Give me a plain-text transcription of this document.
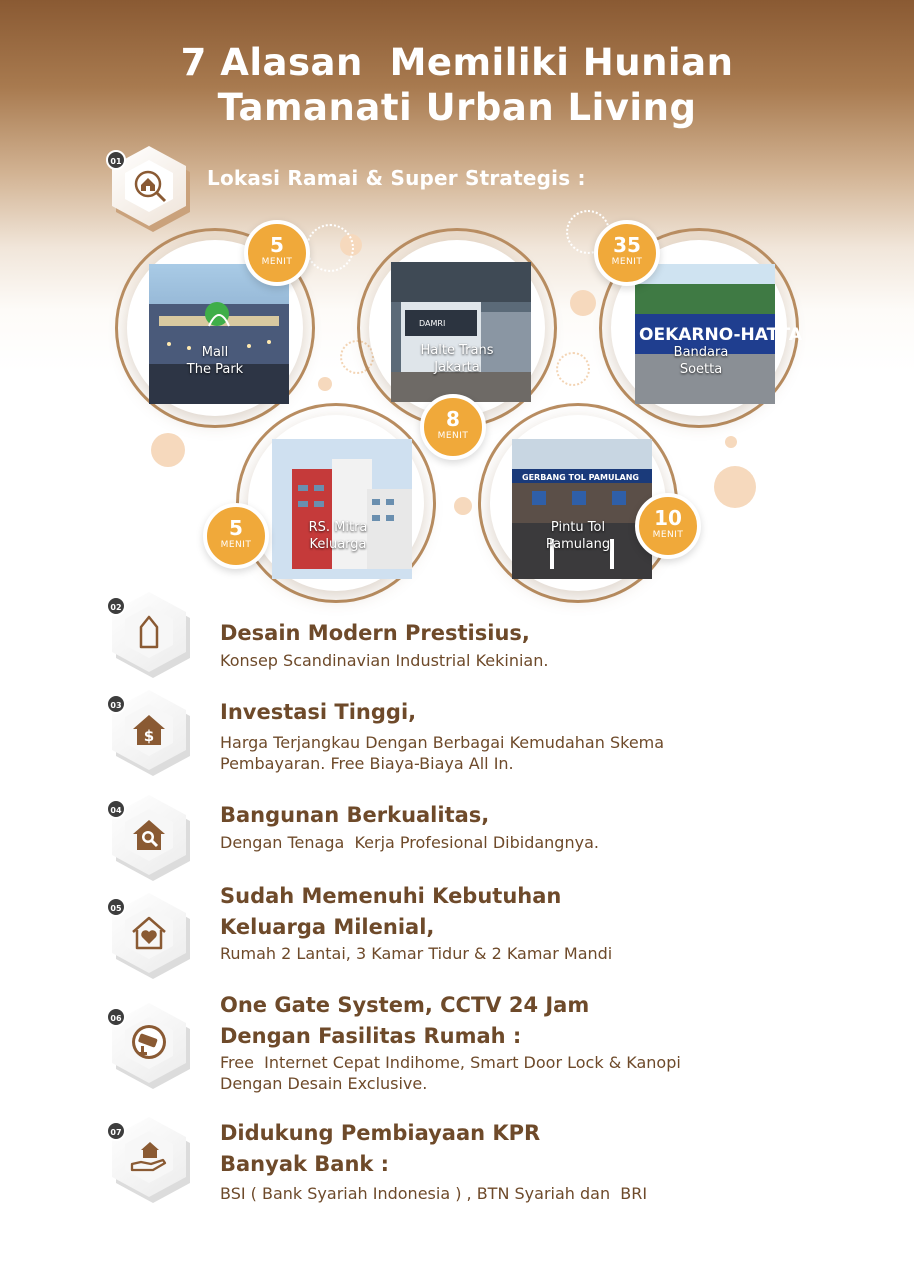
7 Alasan  Memiliki Hunian
Tamanati Urban Living
01
Lokasi Ramai & Super Strategis :
Mall
The Park
5
MENIT
DAMRI
Halte Trans
Jakarta
8
MENIT
OEKARNO-HATTA
Bandara
Soetta
35
MENIT
RS. Mitra
Keluarga
5
MENIT
GERBANG TOL PAMULANG
Pintu Tol
Pamulang
10
MENIT
02
Desain Modern Prestisius,
Konsep Scandinavian Industrial Kekinian.
$
03	Investasi Tinggi,
Harga Terjangkau Dengan Berbagai Kemudahan Skema
Pembayaran. Free Biaya-Biaya All In.
04	Bangunan Berkualitas,
Dengan Tenaga  Kerja Profesional Dibidangnya.
05
Sudah Memenuhi Kebutuhan
Keluarga Milenial,
Rumah 2 Lantai, 3 Kamar Tidur & 2 Kamar Mandi
06
One Gate System, CCTV 24 Jam
Dengan Fasilitas Rumah :
Free  Internet Cepat Indihome, Smart Door Lock & Kanopi
Dengan Desain Exclusive.
07	Didukung Pembiayaan KPR
Banyak Bank :
BSI ( Bank Syariah Indonesia ) , BTN Syariah dan  BRI
